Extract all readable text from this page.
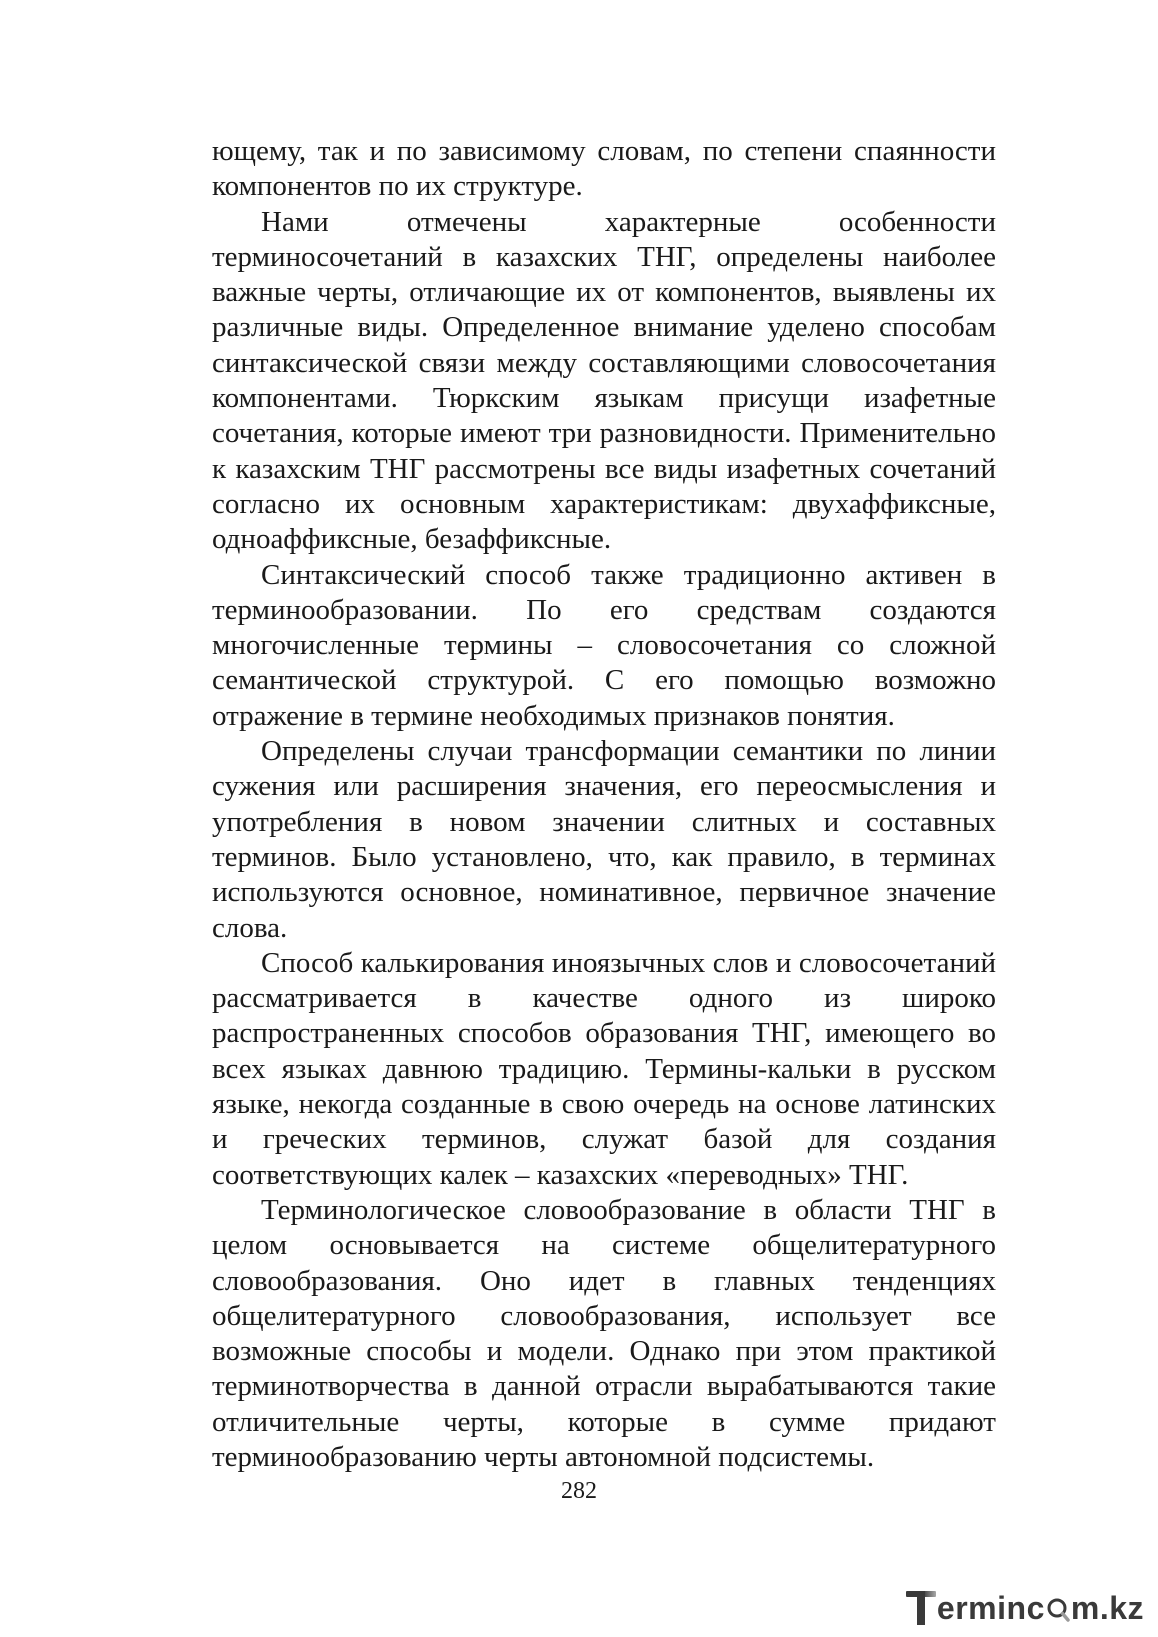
ющему, так и по зависимому словам, по степени спаянности компонентов по их структуре.

Нами отмечены характерные особенности терминосочетаний в казахских ТНГ, определены наиболее важные черты, отличающие их от компонентов, выявлены их различные виды. Определенное внимание уделено способам синтаксической связи между составляющими словосочетания компонентами. Тюркским языкам присущи изафетные сочетания, которые имеют три разновидности. Применительно к казахским ТНГ рассмотрены все виды изафетных сочетаний согласно их основным характеристикам: двухаффиксные, одноаффиксные, безаффиксные.

Синтаксический способ также традиционно активен в терминообразовании. По его средствам создаются многочисленные термины – словосочетания со сложной семантической структурой. С его помощью возможно отражение в термине необходимых признаков понятия.

Определены случаи трансформации семантики по линии сужения или расширения значения, его переосмысления и употребления в новом значении слитных и составных терминов. Было установлено, что, как правило, в терминах используются основное, номинативное, первичное значение слова.

Способ калькирования иноязычных слов и словосочетаний рассматривается в качестве одного из широко распространенных способов образования ТНГ, имеющего во всех языках давнюю традицию. Термины-кальки в русском языке, некогда созданные в свою очередь на основе латинских и греческих терминов, служат базой для создания соответствующих калек – казахских «переводных» ТНГ.

Терминологическое словообразование в области ТНГ в целом основывается на системе общелитературного словообразования. Оно идет в главных тенденциях общелитературного словообразования, использует все возможные способы и модели. Однако при этом практикой терминотворчества в данной отрасли вырабатываются такие отличительные черты, которые в сумме придают терминообразованию черты автономной подсистемы.

282
ermin c m.kz
